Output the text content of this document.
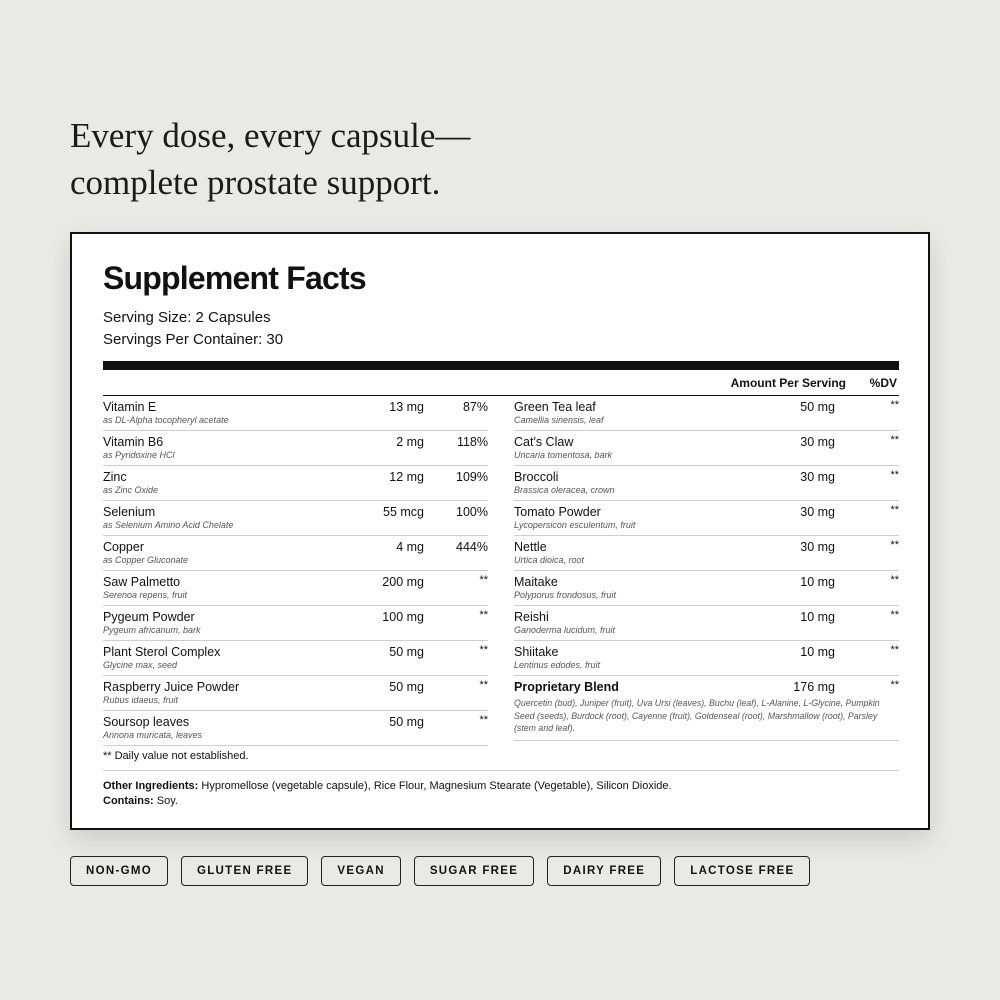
Every dose, every capsule—
complete prostate support.
Supplement Facts
Serving Size: 2 Capsules
Servings Per Container: 30
Amount Per Serving %DV
Vitamin E
as DL-Alpha tocopheryl acetate
13 mg	87%
Vitamin B6
as Pyridoxine HCl
2 mg	118%
Zinc
as Zinc Oxide
12 mg	109%
Selenium
as Selenium Amino Acid Chelate
55 mcg	100%
Copper
as Copper Gluconate
4 mg	444%
Saw Palmetto
Serenoa repens, fruit
200 mg	**
Pygeum Powder
Pygeum africanum, bark
100 mg	**
Plant Sterol Complex
Glycine max, seed
50 mg	**
Raspberry Juice Powder
Rubus idaeus, fruit
50 mg	**
Soursop leaves
Annona muricata, leaves
50 mg	**
Green Tea leaf
Camellia sinensis, leaf
50 mg	**
Cat's Claw
Uncaria tomentosa, bark
30 mg	**
Broccoli
Brassica oleracea, crown
30 mg	**
Tomato Powder
Lycopersicon esculentum, fruit
30 mg	**
Nettle
Urtica dioica, root
30 mg	**
Maitake
Polyporus frondosus, fruit
10 mg	**
Reishi
Ganoderma lucidum, fruit
10 mg	**
Shiitake
Lentinus edodes, fruit
10 mg	**
Proprietary Blend
Quercetin (bud), Juniper (fruit), Uva Ursi (leaves), Buchu (leaf), L-Alanine, L-Glycine, Pumpkin Seed (seeds), Burdock (root), Cayenne (fruit), Goldenseal (root), Marshmallow (root), Parsley (stem and leaf).
176 mg	**
** Daily value not established.
Other Ingredients: Hypromellose (vegetable capsule), Rice Flour, Magnesium Stearate (Vegetable), Silicon Dioxide.
Contains: Soy.
NON-GMO	GLUTEN FREE	VEGAN	SUGAR FREE	DAIRY FREE	LACTOSE FREE
